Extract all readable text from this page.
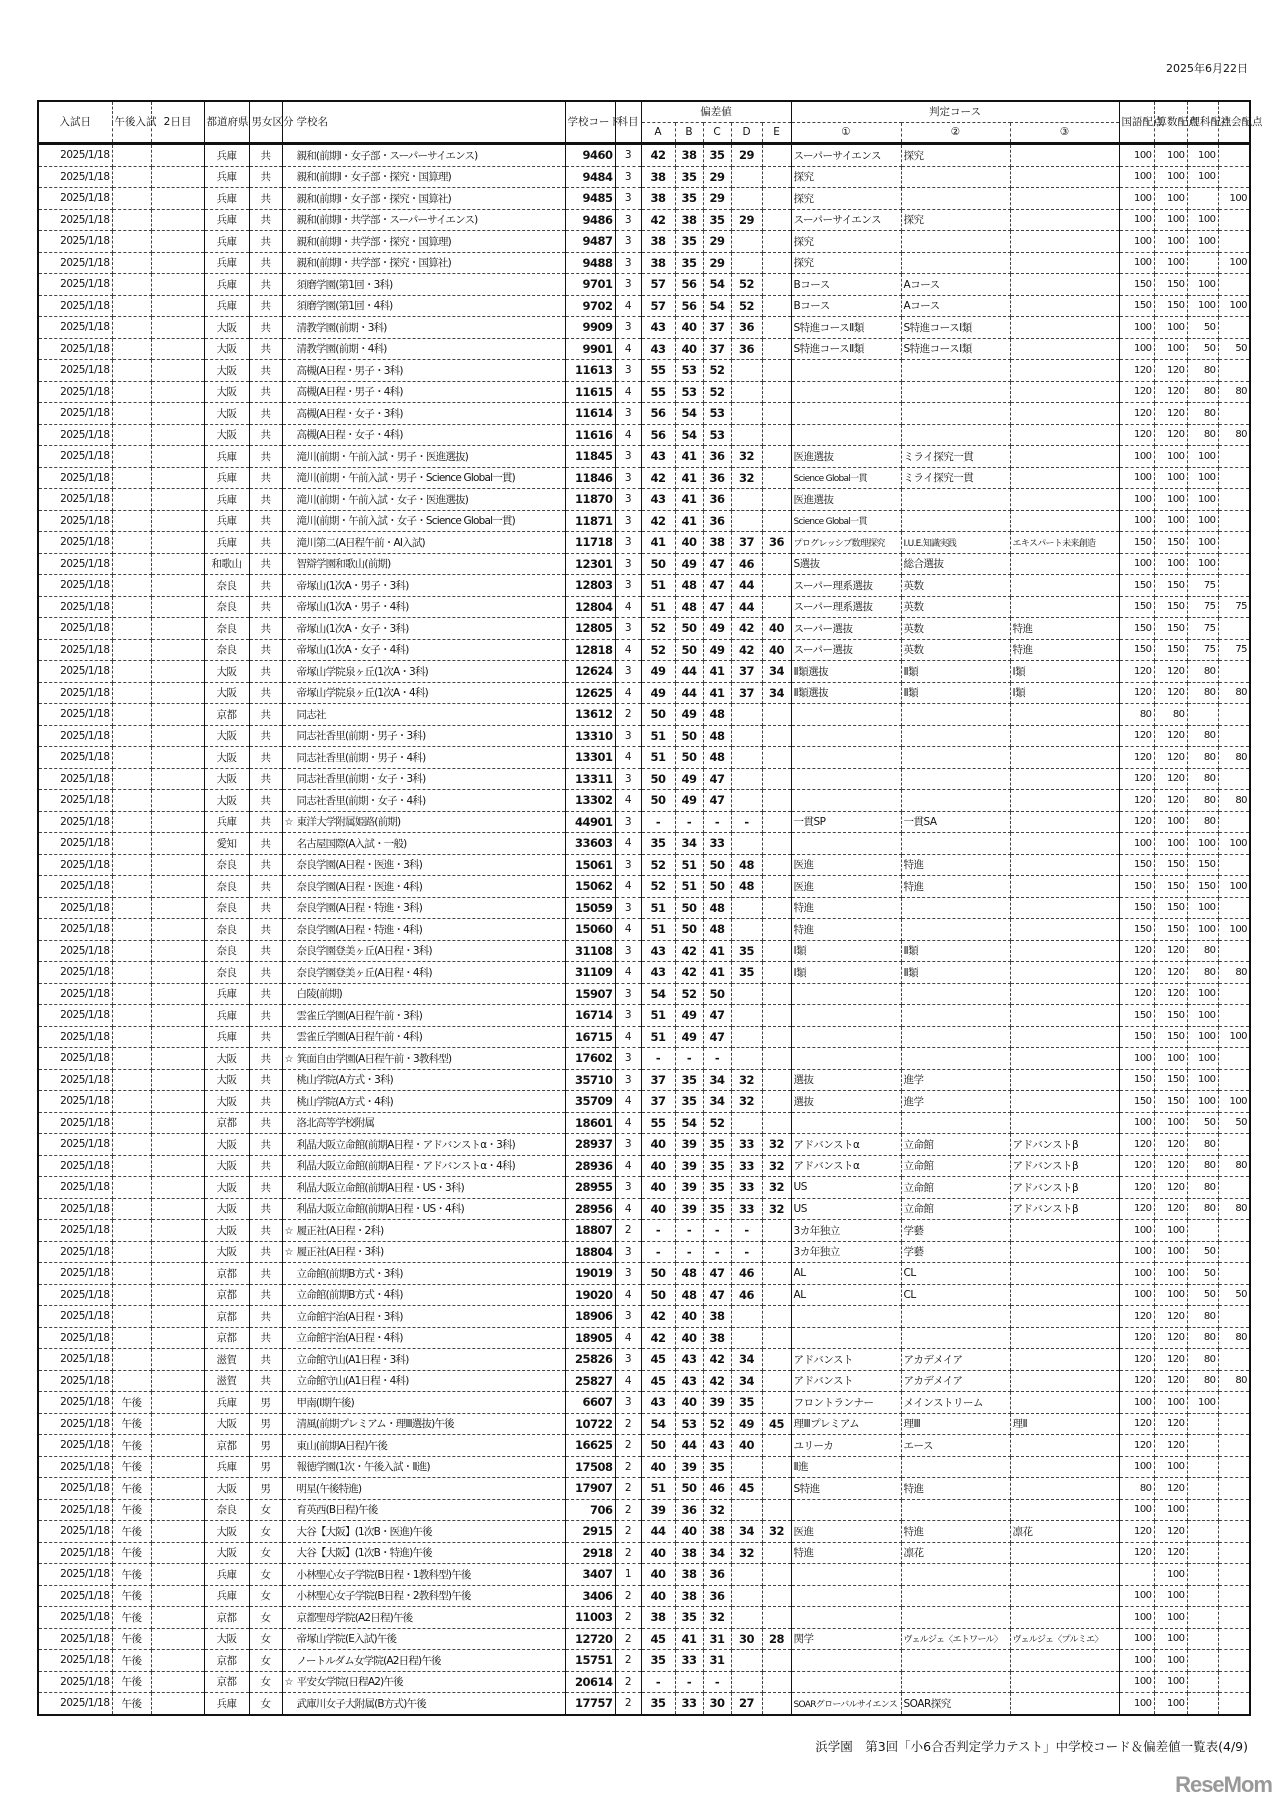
2025年6月22日
入試日	午後入試	2日目	都道府県	男女区分	学校名	学校コード	科目	偏差値					判定コース			国語配点	算数配点	理科配点	社会配点
								A	B	C	D	E	①	②	③				
2025/1/18			兵庫	共	親和(前期Ⅰ・女子部・スーパーサイエンス)	9460	3	42	38	35	29		スーパーサイエンス	探究		100	100	100	
2025/1/18			兵庫	共	親和(前期Ⅰ・女子部・探究・国算理)	9484	3	38	35	29			探究			100	100	100	
2025/1/18			兵庫	共	親和(前期Ⅰ・女子部・探究・国算社)	9485	3	38	35	29			探究			100	100		100
2025/1/18			兵庫	共	親和(前期Ⅰ・共学部・スーパーサイエンス)	9486	3	42	38	35	29		スーパーサイエンス	探究		100	100	100	
2025/1/18			兵庫	共	親和(前期Ⅰ・共学部・探究・国算理)	9487	3	38	35	29			探究			100	100	100	
2025/1/18			兵庫	共	親和(前期Ⅰ・共学部・探究・国算社)	9488	3	38	35	29			探究			100	100		100
2025/1/18			兵庫	共	須磨学園(第1回・3科)	9701	3	57	56	54	52		Bコース	Aコース		150	150	100	
2025/1/18			兵庫	共	須磨学園(第1回・4科)	9702	4	57	56	54	52		Bコース	Aコース		150	150	100	100
2025/1/18			大阪	共	清教学園(前期・3科)	9909	3	43	40	37	36		S特進コースⅡ類	S特進コースⅠ類		100	100	50	
2025/1/18			大阪	共	清教学園(前期・4科)	9901	4	43	40	37	36		S特進コースⅡ類	S特進コースⅠ類		100	100	50	50
2025/1/18			大阪	共	高槻(A日程・男子・3科)	11613	3	55	53	52						120	120	80	
2025/1/18			大阪	共	高槻(A日程・男子・4科)	11615	4	55	53	52						120	120	80	80
2025/1/18			大阪	共	高槻(A日程・女子・3科)	11614	3	56	54	53						120	120	80	
2025/1/18			大阪	共	高槻(A日程・女子・4科)	11616	4	56	54	53						120	120	80	80
2025/1/18			兵庫	共	滝川(前期・午前入試・男子・医進選抜)	11845	3	43	41	36	32		医進選抜	ミライ探究一貫		100	100	100	
2025/1/18			兵庫	共	滝川(前期・午前入試・男子・Science Global一貫)	11846	3	42	41	36	32		Science Global一貫	ミライ探究一貫		100	100	100	
2025/1/18			兵庫	共	滝川(前期・午前入試・女子・医進選抜)	11870	3	43	41	36			医進選抜			100	100	100	
2025/1/18			兵庫	共	滝川(前期・午前入試・女子・Science Global一貫)	11871	3	42	41	36			Science Global一貫			100	100	100	
2025/1/18			兵庫	共	滝川第二(A日程午前・AⅠ入試)	11718	3	41	40	38	37	36	プログレッシブ数理探究	I.U.E.知識実践	エキスパート未来創造	150	150	100	
2025/1/18			和歌山	共	智辯学園和歌山(前期)	12301	3	50	49	47	46		S選抜	総合選抜		100	100	100	
2025/1/18			奈良	共	帝塚山(1次A・男子・3科)	12803	3	51	48	47	44		スーパー理系選抜	英数		150	150	75	
2025/1/18			奈良	共	帝塚山(1次A・男子・4科)	12804	4	51	48	47	44		スーパー理系選抜	英数		150	150	75	75
2025/1/18			奈良	共	帝塚山(1次A・女子・3科)	12805	3	52	50	49	42	40	スーパー選抜	英数	特進	150	150	75	
2025/1/18			奈良	共	帝塚山(1次A・女子・4科)	12818	4	52	50	49	42	40	スーパー選抜	英数	特進	150	150	75	75
2025/1/18			大阪	共	帝塚山学院泉ヶ丘(1次A・3科)	12624	3	49	44	41	37	34	Ⅱ類選抜	Ⅱ類	Ⅰ類	120	120	80	
2025/1/18			大阪	共	帝塚山学院泉ヶ丘(1次A・4科)	12625	4	49	44	41	37	34	Ⅱ類選抜	Ⅱ類	Ⅰ類	120	120	80	80
2025/1/18			京都	共	同志社	13612	2	50	49	48						80	80		
2025/1/18			大阪	共	同志社香里(前期・男子・3科)	13310	3	51	50	48						120	120	80	
2025/1/18			大阪	共	同志社香里(前期・男子・4科)	13301	4	51	50	48						120	120	80	80
2025/1/18			大阪	共	同志社香里(前期・女子・3科)	13311	3	50	49	47						120	120	80	
2025/1/18			大阪	共	同志社香里(前期・女子・4科)	13302	4	50	49	47						120	120	80	80
2025/1/18			兵庫	共	☆ 東洋大学附属姫路(前期)	44901	3	-	-	-	-		一貫SP	一貫SA		120	100	80	
2025/1/18			愛知	共	名古屋国際(A入試・一般)	33603	4	35	34	33						100	100	100	100
2025/1/18			奈良	共	奈良学園(A日程・医進・3科)	15061	3	52	51	50	48		医進	特進		150	150	150	
2025/1/18			奈良	共	奈良学園(A日程・医進・4科)	15062	4	52	51	50	48		医進	特進		150	150	150	100
2025/1/18			奈良	共	奈良学園(A日程・特進・3科)	15059	3	51	50	48			特進			150	150	100	
2025/1/18			奈良	共	奈良学園(A日程・特進・4科)	15060	4	51	50	48			特進			150	150	100	100
2025/1/18			奈良	共	奈良学園登美ヶ丘(A日程・3科)	31108	3	43	42	41	35		Ⅰ類	Ⅱ類		120	120	80	
2025/1/18			奈良	共	奈良学園登美ヶ丘(A日程・4科)	31109	4	43	42	41	35		Ⅰ類	Ⅱ類		120	120	80	80
2025/1/18			兵庫	共	白陵(前期)	15907	3	54	52	50						120	120	100	
2025/1/18			兵庫	共	雲雀丘学園(A日程午前・3科)	16714	3	51	49	47						150	150	100	
2025/1/18			兵庫	共	雲雀丘学園(A日程午前・4科)	16715	4	51	49	47						150	150	100	100
2025/1/18			大阪	共	☆ 箕面自由学園(A日程午前・3教科型)	17602	3	-	-	-						100	100	100	
2025/1/18			大阪	共	桃山学院(A方式・3科)	35710	3	37	35	34	32		選抜	進学		150	150	100	
2025/1/18			大阪	共	桃山学院(A方式・4科)	35709	4	37	35	34	32		選抜	進学		150	150	100	100
2025/1/18			京都	共	洛北高等学校附属	18601	4	55	54	52						100	100	50	50
2025/1/18			大阪	共	利晶大阪立命館(前期A日程・アドバンストα・3科)	28937	3	40	39	35	33	32	アドバンストα	立命館	アドバンストβ	120	120	80	
2025/1/18			大阪	共	利晶大阪立命館(前期A日程・アドバンストα・4科)	28936	4	40	39	35	33	32	アドバンストα	立命館	アドバンストβ	120	120	80	80
2025/1/18			大阪	共	利晶大阪立命館(前期A日程・US・3科)	28955	3	40	39	35	33	32	US	立命館	アドバンストβ	120	120	80	
2025/1/18			大阪	共	利晶大阪立命館(前期A日程・US・4科)	28956	4	40	39	35	33	32	US	立命館	アドバンストβ	120	120	80	80
2025/1/18			大阪	共	☆ 履正社(A日程・2科)	18807	2	-	-	-	-		3カ年独立	学藝		100	100		
2025/1/18			大阪	共	☆ 履正社(A日程・3科)	18804	3	-	-	-	-		3カ年独立	学藝		100	100	50	
2025/1/18			京都	共	立命館(前期B方式・3科)	19019	3	50	48	47	46		AL	CL		100	100	50	
2025/1/18			京都	共	立命館(前期B方式・4科)	19020	4	50	48	47	46		AL	CL		100	100	50	50
2025/1/18			京都	共	立命館宇治(A日程・3科)	18906	3	42	40	38						120	120	80	
2025/1/18			京都	共	立命館宇治(A日程・4科)	18905	4	42	40	38						120	120	80	80
2025/1/18			滋賀	共	立命館守山(A1日程・3科)	25826	3	45	43	42	34		アドバンスト	アカデメイア		120	120	80	
2025/1/18			滋賀	共	立命館守山(A1日程・4科)	25827	4	45	43	42	34		アドバンスト	アカデメイア		120	120	80	80
2025/1/18	午後		兵庫	男	甲南(Ⅰ期午後)	6607	3	43	40	39	35		フロントランナー	メインストリーム		100	100	100	
2025/1/18	午後		大阪	男	清風(前期プレミアム・理Ⅲ選抜)午後	10722	2	54	53	52	49	45	理Ⅲプレミアム	理Ⅲ	理Ⅱ	120	120		
2025/1/18	午後		京都	男	東山(前期A日程)午後	16625	2	50	44	43	40		ユリーカ	エース		120	120		
2025/1/18	午後		兵庫	男	報徳学園(1次・午後入試・Ⅱ進)	17508	2	40	39	35			Ⅱ進			100	100		
2025/1/18	午後		大阪	男	明星(午後特進)	17907	2	51	50	46	45		S特進	特進		80	120		
2025/1/18	午後		奈良	女	育英西(B日程)午後	706	2	39	36	32						100	100		
2025/1/18	午後		大阪	女	大谷【大阪】(1次B・医進)午後	2915	2	44	40	38	34	32	医進	特進	凛花	120	120		
2025/1/18	午後		大阪	女	大谷【大阪】(1次B・特進)午後	2918	2	40	38	34	32		特進	凛花		120	120		
2025/1/18	午後		兵庫	女	小林聖心女子学院(B日程・1教科型)午後	3407	1	40	38	36							100		
2025/1/18	午後		兵庫	女	小林聖心女子学院(B日程・2教科型)午後	3406	2	40	38	36						100	100		
2025/1/18	午後		京都	女	京都聖母学院(A2日程)午後	11003	2	38	35	32						100	100		
2025/1/18	午後		大阪	女	帝塚山学院(E入試)午後	12720	2	45	41	31	30	28	関学	ヴェルジェ〈エトワール〉	ヴェルジェ〈プルミエ〉	100	100		
2025/1/18	午後		京都	女	ノートルダム女学院(A2日程)午後	15751	2	35	33	31						100	100		
2025/1/18	午後		京都	女	☆ 平安女学院(日程A2)午後	20614	2	-	-	-						100	100		
2025/1/18	午後		兵庫	女	武庫川女子大附属(B方式)午後	17757	2	35	33	30	27		SOARグローバルサイエンス	SOAR探究		100	100		
浜学園　第3回「小6合否判定学力テスト」中学校コード＆偏差値一覧表(4/9)
ReseMom
